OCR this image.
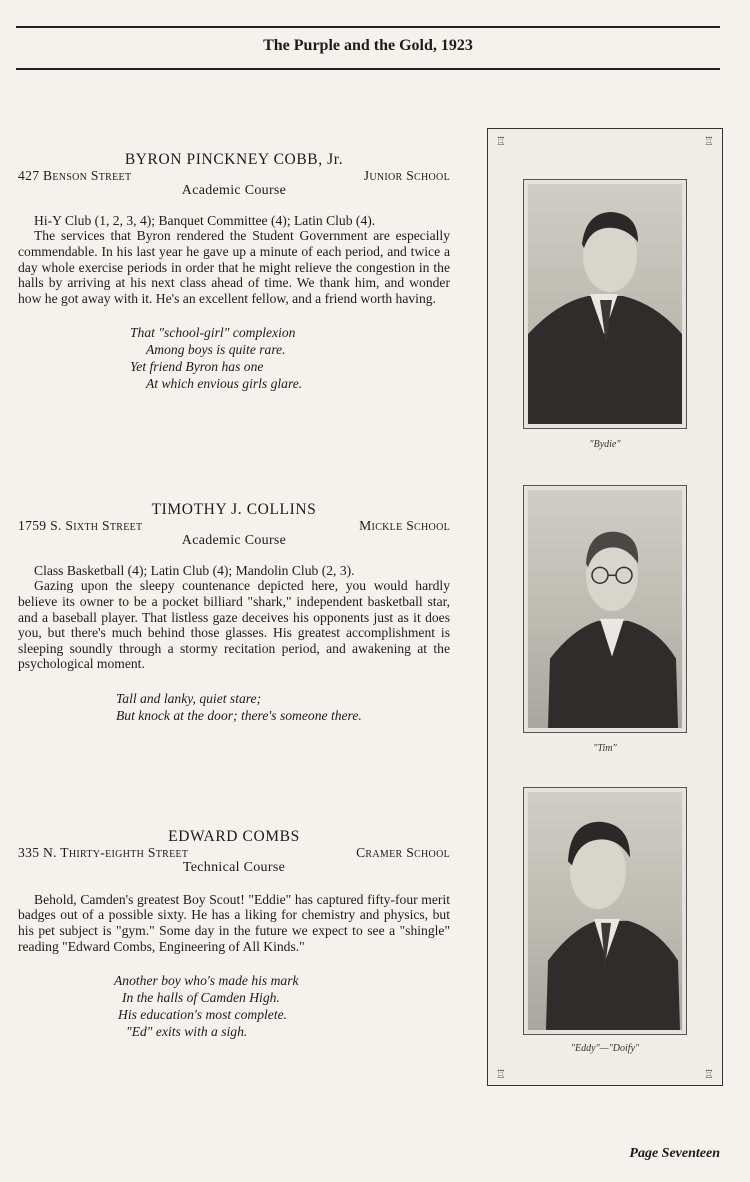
The Purple and the Gold, 1923
BYRON PINCKNEY COBB, Jr.
427 Benson Street	Junior School
Academic Course
Hi-Y Club (1, 2, 3, 4); Banquet Committee (4); Latin Club (4).
The services that Byron rendered the Student Government are especially commendable. In his last year he gave up a minute of each period, and twice a day whole exercise periods in order that he might relieve the congestion in the halls by arriving at his next class ahead of time. We thank him, and wonder how he got away with it. He's an excellent fellow, and a friend worth having.
That "school-girl" complexion
Among boys is quite rare.
Yet friend Byron has one
At which envious girls glare.
TIMOTHY J. COLLINS
1759 S. Sixth Street	Mickle School
Academic Course
Class Basketball (4); Latin Club (4); Mandolin Club (2, 3).
Gazing upon the sleepy countenance depicted here, you would hardly believe its owner to be a pocket billiard "shark," independent basketball star, and a baseball player. That listless gaze deceives his opponents just as it does you, but there's much behind those glasses. His greatest accomplishment is sleeping soundly through a stormy recitation period, and awakening at the psychological moment.
Tall and lanky, quiet stare;
But knock at the door; there's someone there.
EDWARD COMBS
335 N. Thirty-eighth Street	Cramer School
Technical Course
Behold, Camden's greatest Boy Scout! "Eddie" has captured fifty-four merit badges out of a possible sixty. He has a liking for chemistry and physics, but his pet subject is "gym." Some day in the future we expect to see a "shingle" reading "Edward Combs, Engineering of All Kinds."
Another boy who's made his mark
In the halls of Camden High.
His education's most complete.
"Ed" exits with a sigh.
♖	♖
♖	♖
"Bydie"
"Tim"
"Eddy"—"Doify"
Page Seventeen
